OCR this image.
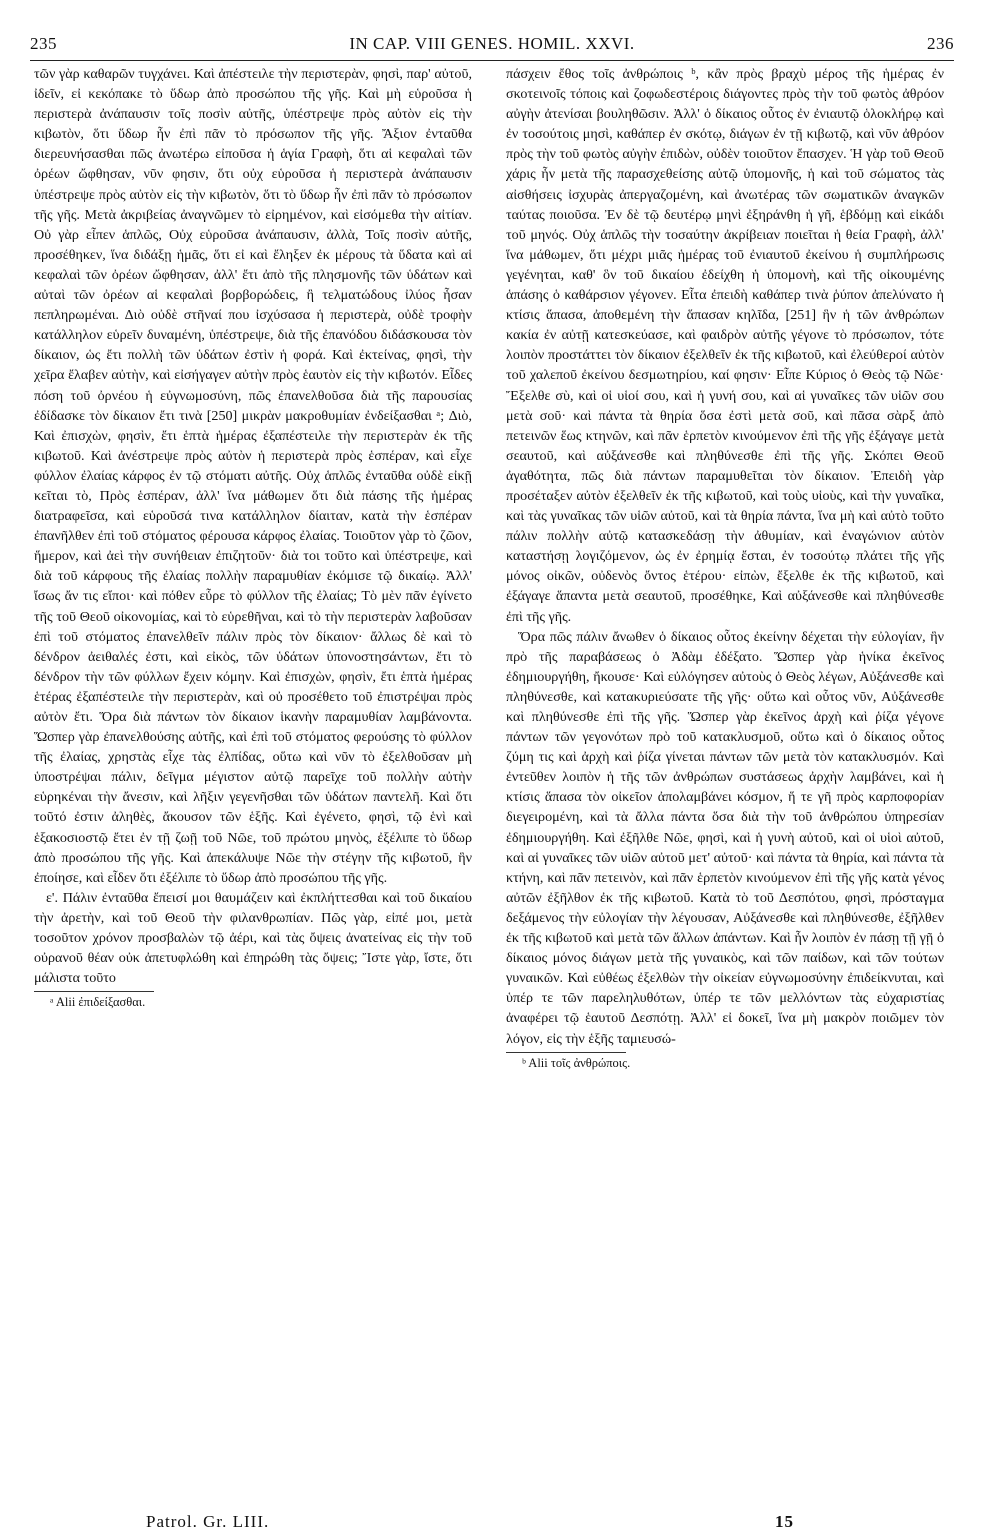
235	IN CAP. VIII GENES. HOMIL. XXVI.	236

τῶν γὰρ καθαρῶν τυγχάνει. Καὶ ἀπέστειλε τὴν περιστερὰν, φησὶ, παρ' αὐτοῦ, ἰδεῖν, εἰ κεκόπακε τὸ ὕδωρ ἀπὸ προσώπου τῆς γῆς. Καὶ μὴ εὑροῦσα ἡ περιστερὰ ἀνάπαυσιν τοῖς ποσὶν αὐτῆς, ὑπέστρεψε πρὸς αὐτὸν εἰς τὴν κιβωτὸν, ὅτι ὕδωρ ἦν ἐπὶ πᾶν τὸ πρόσωπον τῆς γῆς. Ἄξιον ἐνταῦθα διερευνήσασθαι πῶς ἀνωτέρω εἰποῦσα ἡ ἁγία Γραφὴ, ὅτι αἱ κεφαλαὶ τῶν ὀρέων ὤφθησαν, νῦν φησιν, ὅτι οὐχ εὑροῦσα ἡ περιστερὰ ἀνάπαυσιν ὑπέστρεψε πρὸς αὐτὸν εἰς τὴν κιβωτὸν, ὅτι τὸ ὕδωρ ἦν ἐπὶ πᾶν τὸ πρόσωπον τῆς γῆς. Μετὰ ἀκριβείας ἀναγνῶμεν τὸ εἰρημένον, καὶ εἰσόμεθα τὴν αἰτίαν. Οὐ γὰρ εἶπεν ἁπλῶς, Οὐχ εὑροῦσα ἀνάπαυσιν, ἀλλὰ, Τοῖς ποσὶν αὐτῆς, προσέθηκεν, ἵνα διδάξῃ ἡμᾶς, ὅτι εἰ καὶ ἔληξεν ἐκ μέρους τὰ ὕδατα καὶ αἱ κεφαλαὶ τῶν ὀρέων ὤφθησαν, ἀλλ' ἔτι ἀπὸ τῆς πλησμονῆς τῶν ὑδάτων καὶ αὐταὶ τῶν ὀρέων αἱ κεφαλαὶ βορβορώδεις, ἢ τελματώδους ἰλύος ἦσαν πεπληρωμέναι. Διὸ οὐδὲ στῆναί που ἰσχύσασα ἡ περιστερὰ, οὐδὲ τροφὴν κατάλληλον εὑρεῖν δυναμένη, ὑπέστρεψε, διὰ τῆς ἐπανόδου διδάσκουσα τὸν δίκαιον, ὡς ἔτι πολλὴ τῶν ὑδάτων ἐστὶν ἡ φορά. Καὶ ἐκτείνας, φησὶ, τὴν χεῖρα ἔλαβεν αὐτὴν, καὶ εἰσήγαγεν αὐτὴν πρὸς ἑαυτὸν εἰς τὴν κιβωτόν. Εἶδες πόση τοῦ ὀρνέου ἡ εὐγνωμοσύνη, πῶς ἐπανελθοῦσα διὰ τῆς παρουσίας ἐδίδασκε τὸν δίκαιον ἔτι τινὰ [250] μικρὰν μακροθυμίαν ἐνδείξασθαι ᵃ; Διὸ, Καὶ ἐπισχὼν, φησὶν, ἔτι ἑπτὰ ἡμέρας ἐξαπέστειλε τὴν περιστερὰν ἐκ τῆς κιβωτοῦ. Καὶ ἀνέστρεψε πρὸς αὐτὸν ἡ περιστερὰ πρὸς ἑσπέραν, καὶ εἶχε φύλλον ἐλαίας κάρφος ἐν τῷ στόματι αὐτῆς. Οὐχ ἁπλῶς ἐνταῦθα οὐδὲ εἰκῇ κεῖται τὸ, Πρὸς ἑσπέραν, ἀλλ' ἵνα μάθωμεν ὅτι διὰ πάσης τῆς ἡμέρας διατραφεῖσα, καὶ εὑροῦσά τινα κατάλληλον δίαιταν, κατὰ τὴν ἑσπέραν ἐπανῆλθεν ἐπὶ τοῦ στόματος φέρουσα κάρφος ἐλαίας. Τοιοῦτον γὰρ τὸ ζῶον, ἥμερον, καὶ ἀεὶ τὴν συνήθειαν ἐπιζητοῦν· διὰ τοι τοῦτο καὶ ὑπέστρεψε, καὶ διὰ τοῦ κάρφους τῆς ἐλαίας πολλὴν παραμυθίαν ἐκόμισε τῷ δικαίῳ. Ἀλλ' ἴσως ἄν τις εἴποι· καὶ πόθεν εὗρε τὸ φύλλον τῆς ἐλαίας; Τὸ μὲν πᾶν ἐγίνετο τῆς τοῦ Θεοῦ οἰκονομίας, καὶ τὸ εὑρεθῆναι, καὶ τὸ τὴν περιστερὰν λαβοῦσαν ἐπὶ τοῦ στόματος ἐπανελθεῖν πάλιν πρὸς τὸν δίκαιον· ἄλλως δὲ καὶ τὸ δένδρον ἀειθαλές ἐστι, καὶ εἰκὸς, τῶν ὑδάτων ὑπονοστησάντων, ἔτι τὸ δένδρον τὴν τῶν φύλλων ἔχειν κόμην. Καὶ ἐπισχὼν, φησὶν, ἔτι ἑπτὰ ἡμέρας ἑτέρας ἐξαπέστειλε τὴν περιστερὰν, καὶ οὐ προσέθετο τοῦ ἐπιστρέψαι πρὸς αὐτὸν ἔτι. Ὅρα διὰ πάντων τὸν δίκαιον ἱκανὴν παραμυθίαν λαμβάνοντα. Ὥσπερ γὰρ ἐπανελθούσης αὐτῆς, καὶ ἐπὶ τοῦ στόματος φερούσης τὸ φύλλον τῆς ἐλαίας, χρηστὰς εἶχε τὰς ἐλπίδας, οὕτω καὶ νῦν τὸ ἐξελθοῦσαν μὴ ὑποστρέψαι πάλιν, δεῖγμα μέγιστον αὐτῷ παρεῖχε τοῦ πολλὴν αὐτὴν εὑρηκέναι τὴν ἄνεσιν, καὶ λῆξιν γεγενῆσθαι τῶν ὑδάτων παντελῆ. Καὶ ὅτι τοῦτό ἐστιν ἀληθὲς, ἄκουσον τῶν ἑξῆς. Καὶ ἐγένετο, φησὶ, τῷ ἑνὶ καὶ ἑξακοσιοστῷ ἔτει ἐν τῇ ζωῇ τοῦ Νῶε, τοῦ πρώτου μηνὸς, ἐξέλιπε τὸ ὕδωρ ἀπὸ προσώπου τῆς γῆς. Καὶ ἀπεκάλυψε Νῶε τὴν στέγην τῆς κιβωτοῦ, ἣν ἐποίησε, καὶ εἶδεν ὅτι ἐξέλιπε τὸ ὕδωρ ἀπὸ προσώπου τῆς γῆς.

ε'. Πάλιν ἐνταῦθα ἔπεισί μοι θαυμάζειν καὶ ἐκπλήττεσθαι καὶ τοῦ δικαίου τὴν ἀρετὴν, καὶ τοῦ Θεοῦ τὴν φιλανθρωπίαν. Πῶς γὰρ, εἰπέ μοι, μετὰ τοσοῦτον χρόνον προσβαλὼν τῷ ἀέρι, καὶ τὰς ὄψεις ἀνατείνας εἰς τὴν τοῦ οὐρανοῦ θέαν οὐκ ἀπετυφλώθη καὶ ἐπηρώθη τὰς ὄψεις; Ἴστε γὰρ, ἴστε, ὅτι μάλιστα τοῦτο

ᵃ Alii ἐπιδείξασθαι.

πάσχειν ἔθος τοῖς ἀνθρώποις ᵇ, κἂν πρὸς βραχὺ μέρος τῆς ἡμέρας ἐν σκοτεινοῖς τόποις καὶ ζοφωδεστέροις διάγοντες πρὸς τὴν τοῦ φωτὸς ἀθρόον αὐγὴν ἀτενίσαι βουληθῶσιν. Ἀλλ' ὁ δίκαιος οὗτος ἐν ἐνιαυτῷ ὁλοκλήρῳ καὶ ἐν τοσούτοις μησὶ, καθάπερ ἐν σκότῳ, διάγων ἐν τῇ κιβωτῷ, καὶ νῦν ἀθρόον πρὸς τὴν τοῦ φωτὸς αὐγὴν ἐπιδὼν, οὐδὲν τοιοῦτον ἔπασχεν. Ἡ γὰρ τοῦ Θεοῦ χάρις ἦν μετὰ τῆς παρασχεθείσης αὐτῷ ὑπομονῆς, ἡ καὶ τοῦ σώματος τὰς αἰσθήσεις ἰσχυρὰς ἀπεργαζομένη, καὶ ἀνωτέρας τῶν σωματικῶν ἀναγκῶν ταύτας ποιοῦσα. Ἐν δὲ τῷ δευτέρῳ μηνὶ ἐξηράνθη ἡ γῆ, ἑβδόμῃ καὶ εἰκάδι τοῦ μηνός. Οὐχ ἁπλῶς τὴν τοσαύτην ἀκρίβειαν ποιεῖται ἡ θεία Γραφὴ, ἀλλ' ἵνα μάθωμεν, ὅτι μέχρι μιᾶς ἡμέρας τοῦ ἐνιαυτοῦ ἐκείνου ἡ συμπλήρωσις γεγένηται, καθ' ὃν τοῦ δικαίου ἐδείχθη ἡ ὑπομονὴ, καὶ τῆς οἰκουμένης ἁπάσης ὁ καθάρσιον γέγονεν. Εἶτα ἐπειδὴ καθάπερ τινὰ ῥύπον ἀπελύνατο ἡ κτίσις ἅπασα, ἀποθεμένη τὴν ἅπασαν κηλῖδα, [251] ἣν ἡ τῶν ἀνθρώπων κακία ἐν αὐτῇ κατεσκεύασε, καὶ φαιδρὸν αὐτῆς γέγονε τὸ πρόσωπον, τότε λοιπὸν προστάττει τὸν δίκαιον ἐξελθεῖν ἐκ τῆς κιβωτοῦ, καὶ ἐλεύθεροί αὐτὸν τοῦ χαλεποῦ ἐκείνου δεσμωτηρίου, καί φησιν· Εἶπε Κύριος ὁ Θεὸς τῷ Νῶε· Ἔξελθε σὺ, καὶ οἱ υἱοί σου, καὶ ἡ γυνή σου, καὶ αἱ γυναῖκες τῶν υἱῶν σου μετὰ σοῦ· καὶ πάντα τὰ θηρία ὅσα ἐστὶ μετὰ σοῦ, καὶ πᾶσα σὰρξ ἀπὸ πετεινῶν ἕως κτηνῶν, καὶ πᾶν ἑρπετὸν κινούμενον ἐπὶ τῆς γῆς ἐξάγαγε μετὰ σεαυτοῦ, καὶ αὐξάνεσθε καὶ πληθύνεσθε ἐπὶ τῆς γῆς. Σκόπει Θεοῦ ἀγαθότητα, πῶς διὰ πάντων παραμυθεῖται τὸν δίκαιον. Ἐπειδὴ γὰρ προσέταξεν αὐτὸν ἐξελθεῖν ἐκ τῆς κιβωτοῦ, καὶ τοὺς υἱοὺς, καὶ τὴν γυναῖκα, καὶ τὰς γυναῖκας τῶν υἱῶν αὐτοῦ, καὶ τὰ θηρία πάντα, ἵνα μὴ καὶ αὐτὸ τοῦτο πάλιν πολλὴν αὐτῷ κατασκεδάσῃ τὴν ἀθυμίαν, καὶ ἐναγώνιον αὐτὸν καταστήσῃ λογιζόμενον, ὡς ἐν ἐρημίᾳ ἔσται, ἐν τοσούτῳ πλάτει τῆς γῆς μόνος οἰκῶν, οὐδενὸς ὄντος ἑτέρου· εἰπὼν, ἔξελθε ἐκ τῆς κιβωτοῦ, καὶ ἐξάγαγε ἅπαντα μετὰ σεαυτοῦ, προσέθηκε, Καὶ αὐξάνεσθε καὶ πληθύνεσθε ἐπὶ τῆς γῆς.

Ὅρα πῶς πάλιν ἄνωθεν ὁ δίκαιος οὗτος ἐκείνην δέχεται τὴν εὐλογίαν, ἣν πρὸ τῆς παραβάσεως ὁ Ἀδὰμ ἐδέξατο. Ὥσπερ γὰρ ἡνίκα ἐκεῖνος ἐδημιουργήθη, ἤκουσε· Καὶ εὐλόγησεν αὐτοὺς ὁ Θεὸς λέγων, Αὐξάνεσθε καὶ πληθύνεσθε, καὶ κατακυριεύσατε τῆς γῆς· οὕτω καὶ οὗτος νῦν, Αὐξάνεσθε καὶ πληθύνεσθε ἐπὶ τῆς γῆς. Ὥσπερ γὰρ ἐκεῖνος ἀρχὴ καὶ ῥίζα γέγονε πάντων τῶν γεγονότων πρὸ τοῦ κατακλυσμοῦ, οὕτω καὶ ὁ δίκαιος οὗτος ζύμη τις καὶ ἀρχὴ καὶ ῥίζα γίνεται πάντων τῶν μετὰ τὸν κατακλυσμόν. Καὶ ἐντεῦθεν λοιπὸν ἡ τῆς τῶν ἀνθρώπων συστάσεως ἀρχὴν λαμβάνει, καὶ ἡ κτίσις ἅπασα τὸν οἰκεῖον ἀπολαμβάνει κόσμον, ἥ τε γῆ πρὸς καρποφορίαν διεγειρομένη, καὶ τὰ ἄλλα πάντα ὅσα διὰ τὴν τοῦ ἀνθρώπου ὑπηρεσίαν ἐδημιουργήθη. Καὶ ἐξῆλθε Νῶε, φησὶ, καὶ ἡ γυνὴ αὐτοῦ, καὶ οἱ υἱοὶ αὐτοῦ, καὶ αἱ γυναῖκες τῶν υἱῶν αὐτοῦ μετ' αὐτοῦ· καὶ πάντα τὰ θηρία, καὶ πάντα τὰ κτήνη, καὶ πᾶν πετεινὸν, καὶ πᾶν ἑρπετὸν κινούμενον ἐπὶ τῆς γῆς κατὰ γένος αὐτῶν ἐξῆλθον ἐκ τῆς κιβωτοῦ. Κατὰ τὸ τοῦ Δεσπότου, φησὶ, πρόσταγμα δεξάμενος τὴν εὐλογίαν τὴν λέγουσαν, Αὐξάνεσθε καὶ πληθύνεσθε, ἐξῆλθεν ἐκ τῆς κιβωτοῦ καὶ μετὰ τῶν ἄλλων ἁπάντων. Καὶ ἦν λοιπὸν ἐν πάσῃ τῇ γῇ ὁ δίκαιος μόνος διάγων μετὰ τῆς γυναικὸς, καὶ τῶν παίδων, καὶ τῶν τούτων γυναικῶν. Καὶ εὐθέως ἐξελθὼν τὴν οἰκείαν εὐγνωμοσύνην ἐπιδείκνυται, καὶ ὑπέρ τε τῶν παρεληλυθότων, ὑπέρ τε τῶν μελλόντων τὰς εὐχαριστίας ἀναφέρει τῷ ἑαυτοῦ Δεσπότῃ. Ἀλλ' εἰ δοκεῖ, ἵνα μὴ μακρὸν ποιῶμεν τὸν λόγον, εἰς τὴν ἑξῆς ταμιευσώ-

ᵇ Alii τοῖς ἀνθρώποις.
Patrol. Gr. LIII.	15
